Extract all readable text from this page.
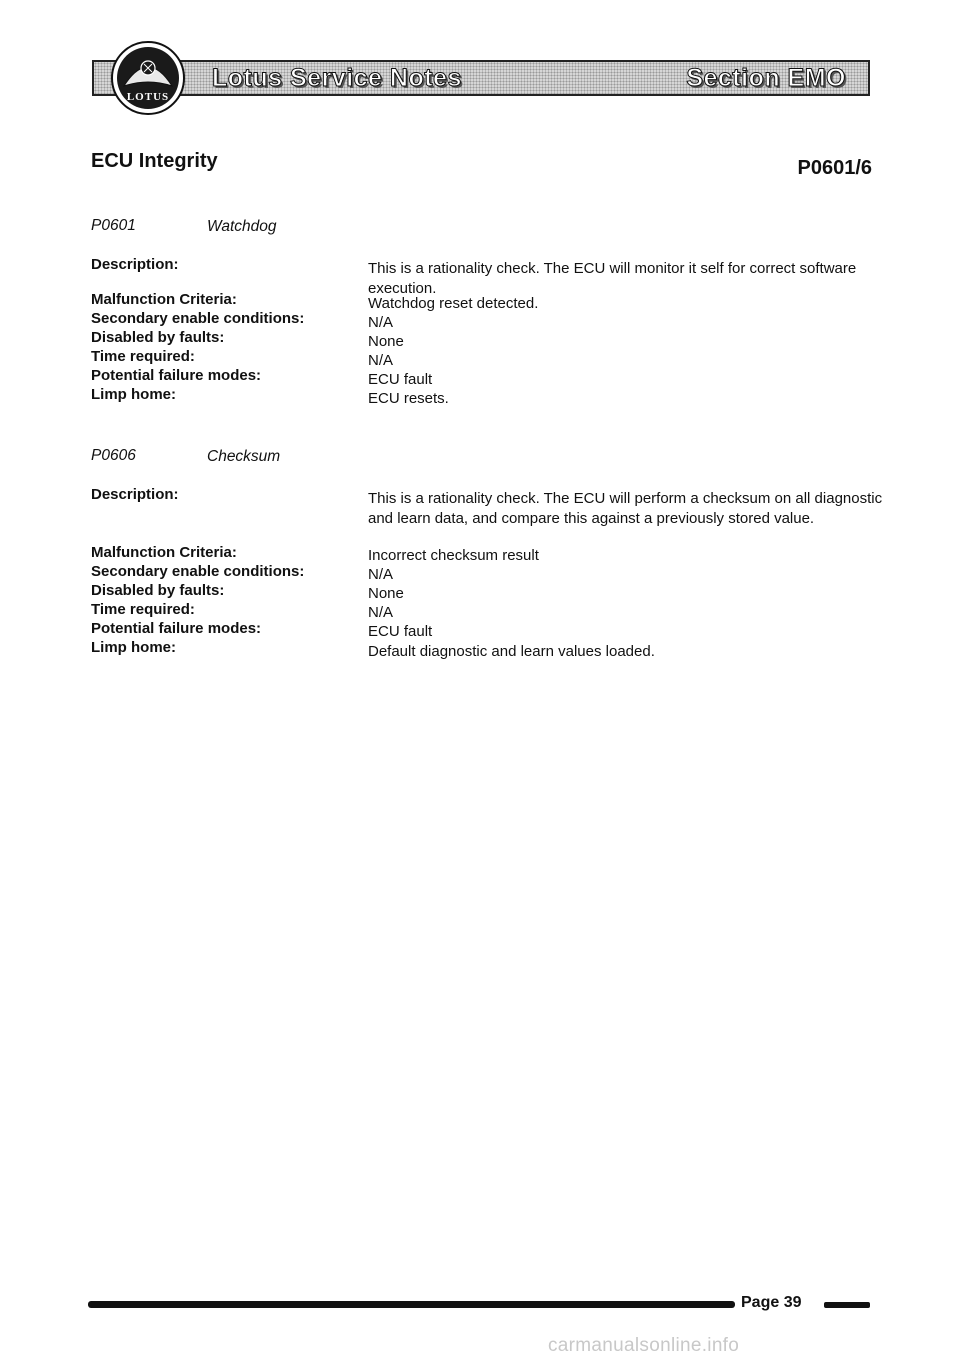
Lotus Service Notes	Section EMO
LOTUS
ECU Integrity	P0601/6
P0601	Watchdog
Description:	This is a rationality check. The ECU will monitor it self for correct software execution.
Malfunction Criteria:	Watchdog reset detected.
Secondary enable conditions:	N/A
Disabled by faults:	None
Time required:	N/A
Potential failure modes:	ECU fault
Limp home:	ECU resets.
P0606	Checksum
Description:	This is a rationality check. The ECU will perform a checksum on all diagnostic and learn data, and compare this against a previously stored value.
Malfunction Criteria:	Incorrect checksum result
Secondary enable conditions:	N/A
Disabled by faults:	None
Time required:	N/A
Potential failure modes:	ECU fault
Limp home:	Default diagnostic and learn values loaded.
Page 39
carmanualsonline.info
